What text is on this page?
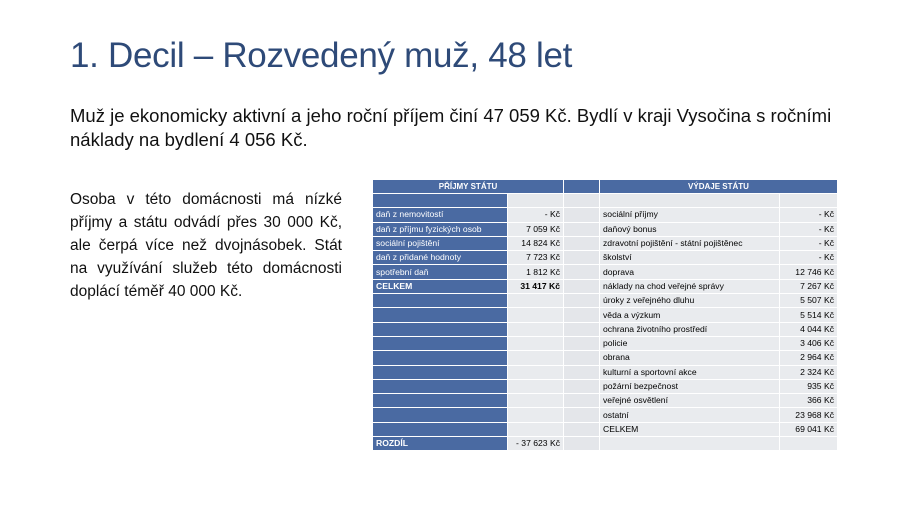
1. Decil – Rozvedený muž, 48 let
Muž je ekonomicky aktivní a jeho roční příjem činí 47 059 Kč. Bydlí v kraji Vysočina s ročními náklady na bydlení 4 056 Kč.
Osoba v této domácnosti má nízké příjmy a státu odvádí přes 30 000 Kč, ale čerpá více než dvojnásobek. Stát na využívání služeb této domácnosti doplácí téměř 40 000 Kč.
PŘÍJMY STÁTU			VÝDAJE STÁTU	

daň z nemovitostí	- Kč		sociální příjmy	- Kč
daň z příjmu fyzických osob	7 059 Kč		daňový bonus	- Kč
sociální pojištění	14 824 Kč		zdravotní pojištění - státní pojištěnec	- Kč
daň z přidané hodnoty	7 723 Kč		školství	- Kč
spotřební daň	1 812 Kč		doprava	12 746 Kč
CELKEM	31 417 Kč		náklady na chod veřejné správy	7 267 Kč
			úroky z veřejného dluhu	5 507 Kč
			věda a výzkum	5 514 Kč
			ochrana životního prostředí	4 044 Kč
			policie	3 406 Kč
			obrana	2 964 Kč
			kulturní a sportovní akce	2 324 Kč
			požární bezpečnost	935 Kč
			veřejné osvětlení	366 Kč
			ostatní	23 968 Kč
			CELKEM	69 041 Kč
ROZDÍL	- 37 623 Kč			
